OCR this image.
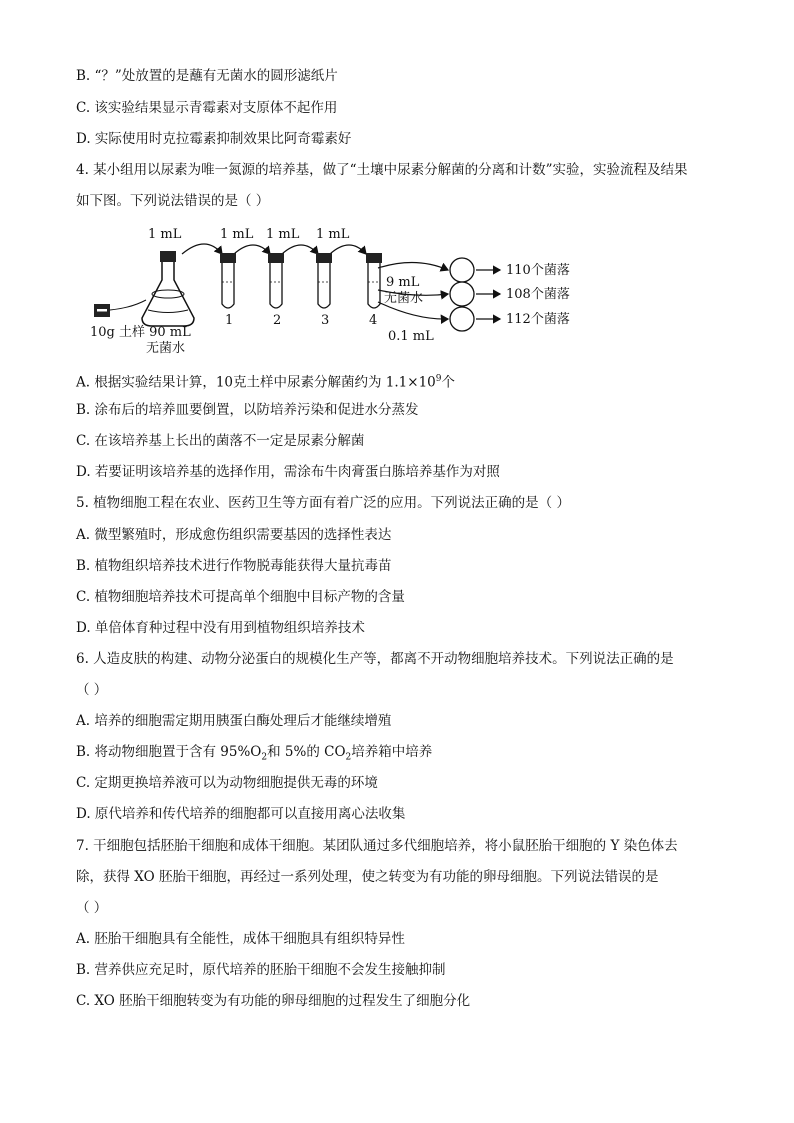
B. “？”处放置的是蘸有无菌水的圆形滤纸片
C. 该实验结果显示青霉素对支原体不起作用
D. 实际使用时克拉霉素抑制效果比阿奇霉素好
4. 某小组用以尿素为唯一氮源的培养基，做了“土壤中尿素分解菌的分离和计数”实验，实验流程及结果
如下图。下列说法错误的是（ ）
1 mL	1 mL 1 mL 1 mL
1	2	3	4
9 mL
无菌水
0.1 mL
110个菌落
108个菌落
112个菌落
10g 土样 90 mL
无菌水
A. 根据实验结果计算，10克土样中尿素分解菌约为 $1.1\times 10^9$个
B. 涂布后的培养皿要倒置，以防培养污染和促进水分蒸发
C. 在该培养基上长出的菌落不一定是尿素分解菌
D. 若要证明该培养基的选择作用，需涂布牛肉膏蛋白胨培养基作为对照
5. 植物细胞工程在农业、医药卫生等方面有着广泛的应用。下列说法正确的是（ ）
A. 微型繁殖时，形成愈伤组织需要基因的选择性表达
B. 植物组织培养技术进行作物脱毒能获得大量抗毒苗
C. 植物细胞培养技术可提高单个细胞中目标产物的含量
D. 单倍体育种过程中没有用到植物组织培养技术
6. 人造皮肤的构建、动物分泌蛋白的规模化生产等，都离不开动物细胞培养技术。下列说法正确的是
（ ）
A. 培养的细胞需定期用胰蛋白酶处理后才能继续增殖
B. 将动物细胞置于含有 $95\%O_2$和 5%的 $CO_2$培养箱中培养
C. 定期更换培养液可以为动物细胞提供无毒的环境
D. 原代培养和传代培养的细胞都可以直接用离心法收集
7. 干细胞包括胚胎干细胞和成体干细胞。某团队通过多代细胞培养，将小鼠胚胎干细胞的 Y 染色体去
除，获得 XO 胚胎干细胞，再经过一系列处理，使之转变为有功能的卵母细胞。下列说法错误的是
（ ）
A. 胚胎干细胞具有全能性，成体干细胞具有组织特异性
B. 营养供应充足时，原代培养的胚胎干细胞不会发生接触抑制
C. XO 胚胎干细胞转变为有功能的卵母细胞的过程发生了细胞分化
